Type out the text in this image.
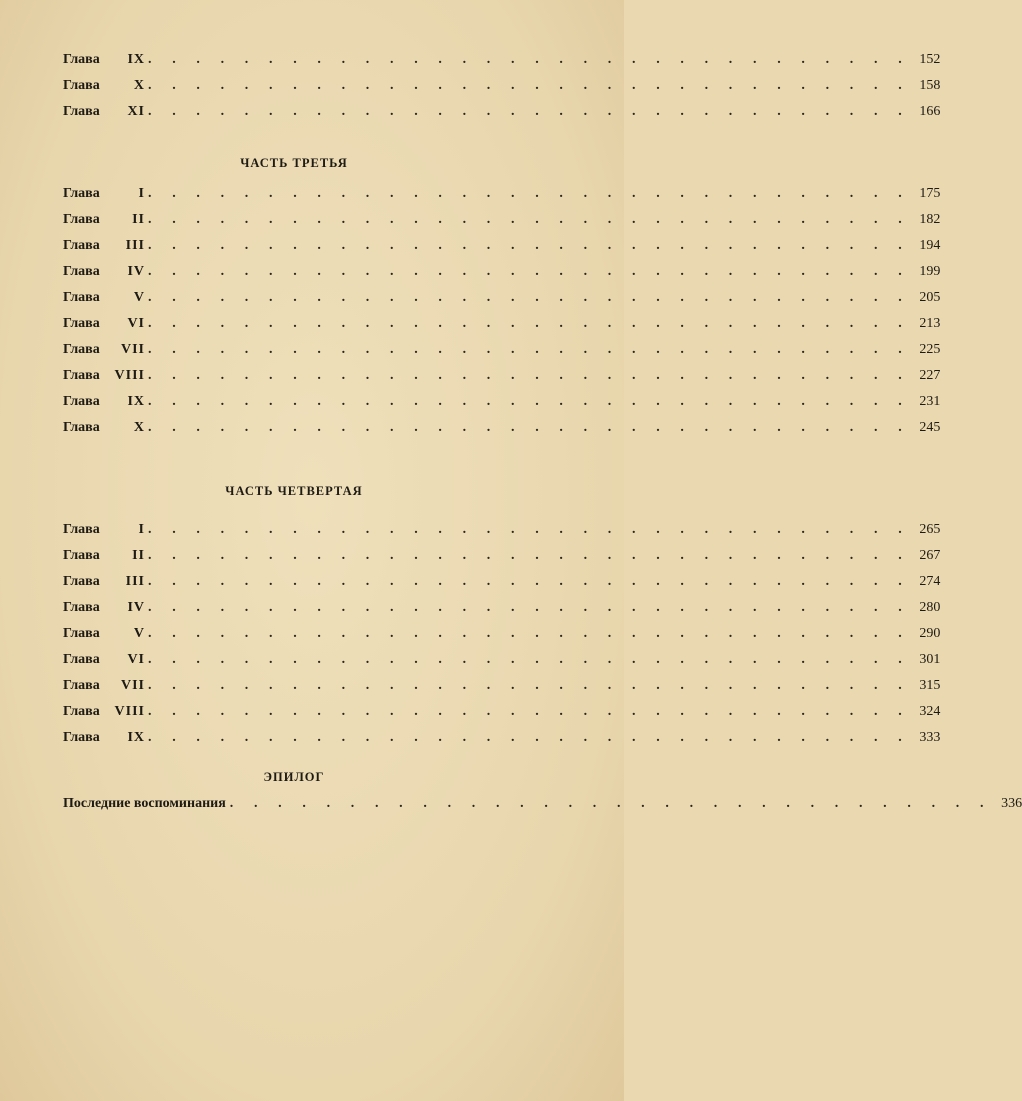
Глава	IX . . . . . . . . . . . . . . . . . . . . . . . . . . . . . . . . 152
Глава	X . . . . . . . . . . . . . . . . . . . . . . . . . . . . . . . . 158
Глава	XI . . . . . . . . . . . . . . . . . . . . . . . . . . . . . . . . 166
ЧАСТЬ ТРЕТЬЯ
Глава	I . . . . . . . . . . . . . . . . . . . . . . . . . . . . . . . . 175
Глава	II . . . . . . . . . . . . . . . . . . . . . . . . . . . . . . . . 182
Глава	III . . . . . . . . . . . . . . . . . . . . . . . . . . . . . . . . 194
Глава	IV . . . . . . . . . . . . . . . . . . . . . . . . . . . . . . . . 199
Глава	V . . . . . . . . . . . . . . . . . . . . . . . . . . . . . . . . 205
Глава	VI . . . . . . . . . . . . . . . . . . . . . . . . . . . . . . . . 213
Глава	VII . . . . . . . . . . . . . . . . . . . . . . . . . . . . . . . . 225
Глава	VIII . . . . . . . . . . . . . . . . . . . . . . . . . . . . . . . . 227
Глава	IX . . . . . . . . . . . . . . . . . . . . . . . . . . . . . . . . 231
Глава	X . . . . . . . . . . . . . . . . . . . . . . . . . . . . . . . . 245
ЧАСТЬ ЧЕТВЕРТАЯ
Глава	I . . . . . . . . . . . . . . . . . . . . . . . . . . . . . . . . 265
Глава	II . . . . . . . . . . . . . . . . . . . . . . . . . . . . . . . . 267
Глава	III . . . . . . . . . . . . . . . . . . . . . . . . . . . . . . . . 274
Глава	IV . . . . . . . . . . . . . . . . . . . . . . . . . . . . . . . . 280
Глава	V . . . . . . . . . . . . . . . . . . . . . . . . . . . . . . . . 290
Глава	VI . . . . . . . . . . . . . . . . . . . . . . . . . . . . . . . . 301
Глава	VII . . . . . . . . . . . . . . . . . . . . . . . . . . . . . . . . 315
Глава	VIII . . . . . . . . . . . . . . . . . . . . . . . . . . . . . . . . 324
Глава	IX . . . . . . . . . . . . . . . . . . . . . . . . . . . . . . . . 333
ЭПИЛОГ
Последние воспоминания . . . . . . . . . . . . . . . . . . . . . . . . . . . . . . . . 336
